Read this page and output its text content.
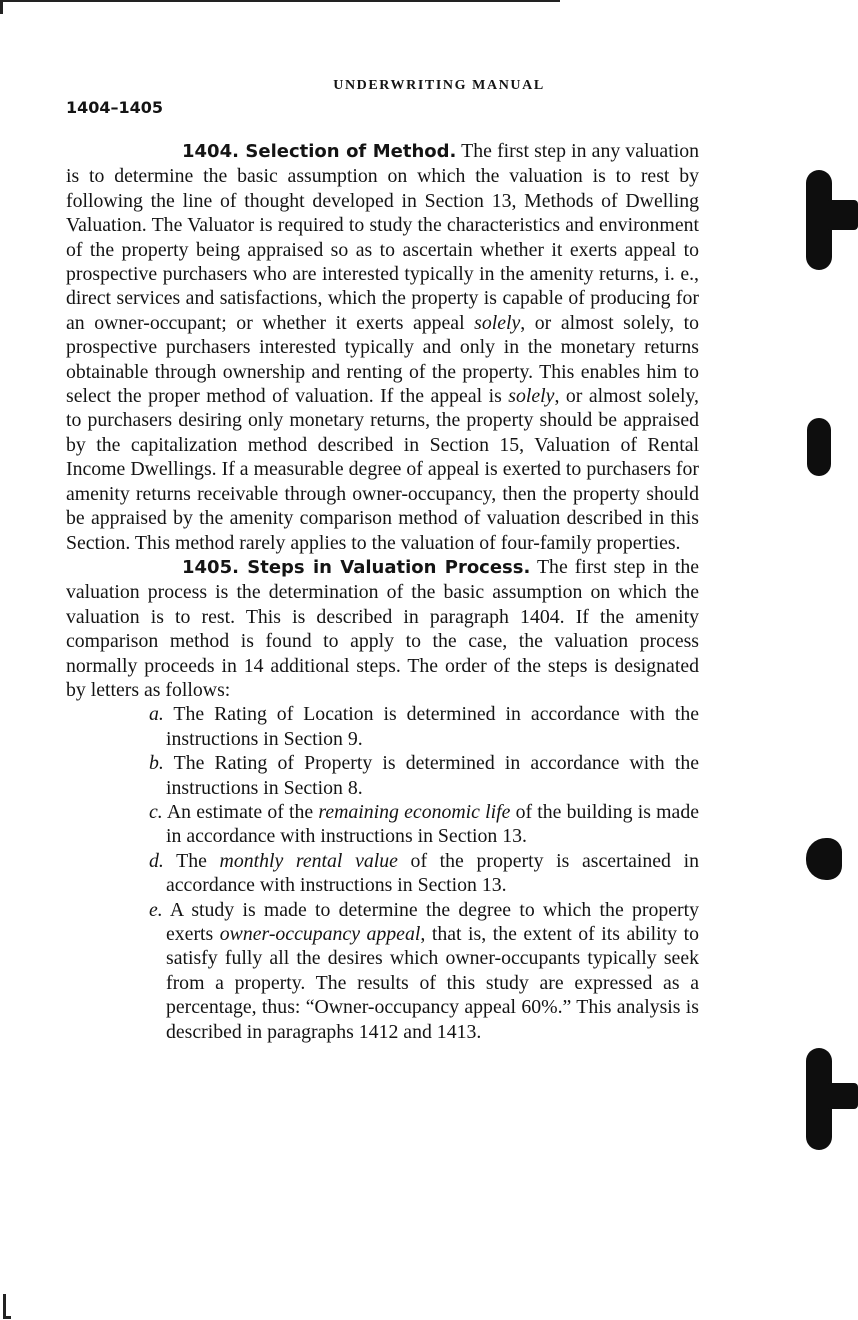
UNDERWRITING MANUAL
1404–1405

1404. Selection of Method. The first step in any valuation is to determine the basic assumption on which the valuation is to rest by following the line of thought developed in Section 13, Methods of Dwelling Valuation. The Valuator is required to study the characteristics and environment of the property being appraised so as to ascertain whether it exerts appeal to prospective purchasers who are interested typically in the amenity returns, i. e., direct services and satisfactions, which the property is capable of producing for an owner-occupant; or whether it exerts appeal solely, or almost solely, to prospective purchasers interested typically and only in the monetary returns obtainable through ownership and renting of the property. This enables him to select the proper method of valuation. If the appeal is solely, or almost solely, to purchasers desiring only monetary returns, the property should be appraised by the capitalization method described in Section 15, Valuation of Rental Income Dwellings. If a measurable degree of appeal is exerted to purchasers for amenity returns receivable through owner-occupancy, then the property should be appraised by the amenity comparison method of valuation described in this Section. This method rarely applies to the valuation of four-family properties.

1405. Steps in Valuation Process. The first step in the valuation process is the determination of the basic assumption on which the valuation is to rest. This is described in paragraph 1404. If the amenity comparison method is found to apply to the case, the valuation process normally proceeds in 14 additional steps. The order of the steps is designated by letters as follows:

a. The Rating of Location is determined in accordance with the instructions in Section 9.
b. The Rating of Property is determined in accordance with the instructions in Section 8.
c. An estimate of the remaining economic life of the building is made in accordance with instructions in Section 13.
d. The monthly rental value of the property is ascertained in accordance with instructions in Section 13.
e. A study is made to determine the degree to which the property exerts owner-occupancy appeal, that is, the extent of its ability to satisfy fully all the desires which owner-occupants typically seek from a property. The results of this study are expressed as a percentage, thus: “Owner-occupancy appeal 60%.” This analysis is described in paragraphs 1412 and 1413.
